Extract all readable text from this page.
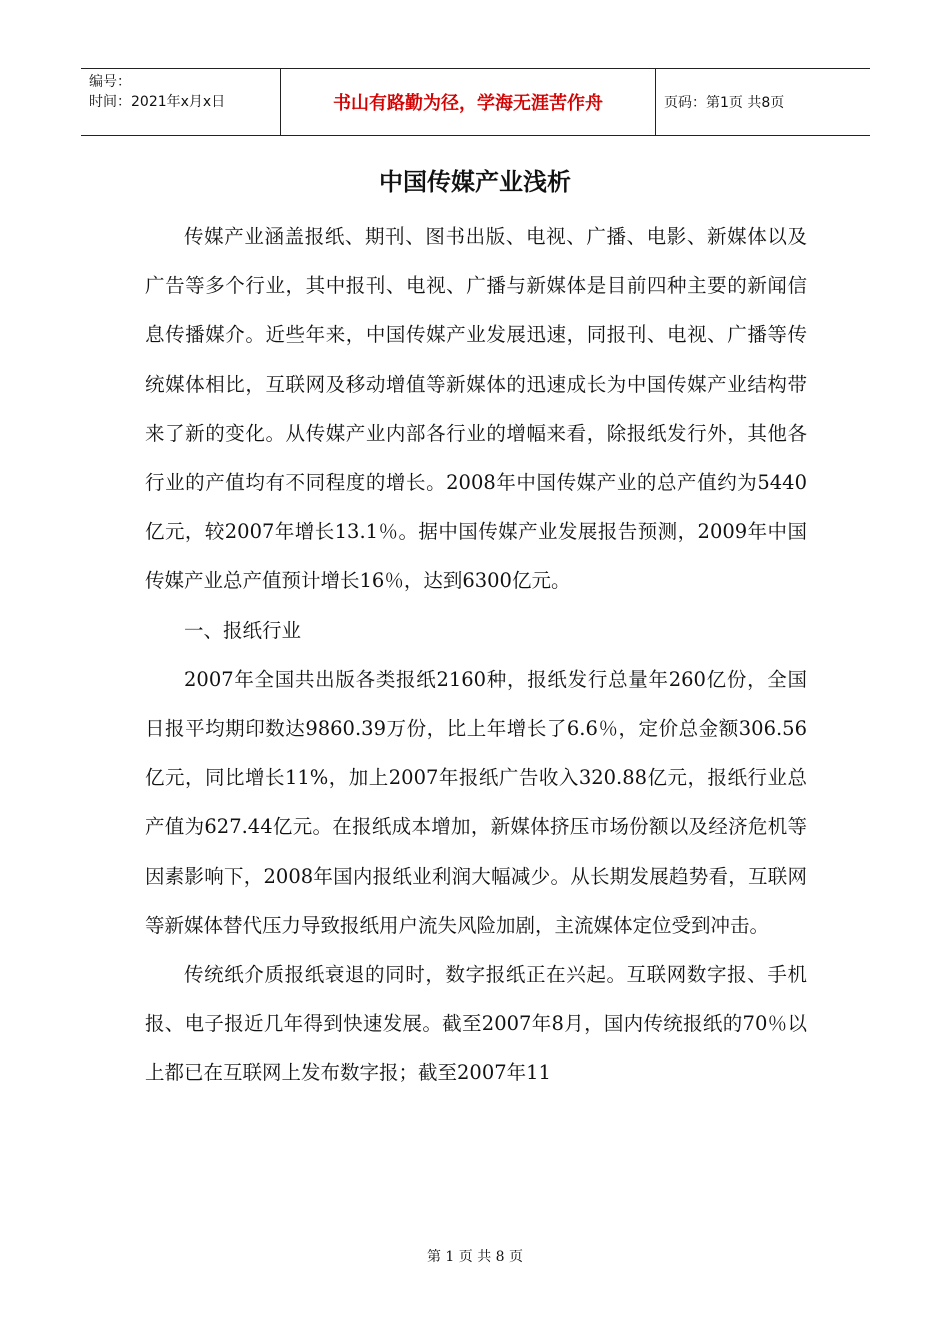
编号：
时间：2021年x月x日	书山有路勤为径，学海无涯苦作舟	页码：第1页 共8页
中国传媒产业浅析

传媒产业涵盖报纸、期刊、图书出版、电视、广播、电影、新媒体以及广告等多个行业，其中报刊、电视、广播与新媒体是目前四种主要的新闻信息传播媒介。近些年来，中国传媒产业发展迅速，同报刊、电视、广播等传统媒体相比，互联网及移动增值等新媒体的迅速成长为中国传媒产业结构带来了新的变化。从传媒产业内部各行业的增幅来看，除报纸发行外，其他各行业的产值均有不同程度的增长。2008年中国传媒产业的总产值约为5440亿元，较2007年增长13.1％。据中国传媒产业发展报告预测，2009年中国传媒产业总产值预计增长16％，达到6300亿元。

一、报纸行业

2007年全国共出版各类报纸2160种，报纸发行总量年260亿份，全国日报平均期印数达9860.39万份，比上年增长了6.6％，定价总金额306.56 亿元，同比增长11%，加上2007年报纸广告收入320.88亿元，报纸行业总产值为627.44亿元。在报纸成本增加，新媒体挤压市场份额以及经济危机等因素影响下，2008年国内报纸业利润大幅减少。从长期发展趋势看，互联网等新媒体替代压力导致报纸用户流失风险加剧，主流媒体定位受到冲击。

传统纸介质报纸衰退的同时，数字报纸正在兴起。互联网数字报、手机报、电子报近几年得到快速发展。截至2007年8月，国内传统报纸的70％以上都已在互联网上发布数字报；截至2007年11

第 1 页 共 8 页
